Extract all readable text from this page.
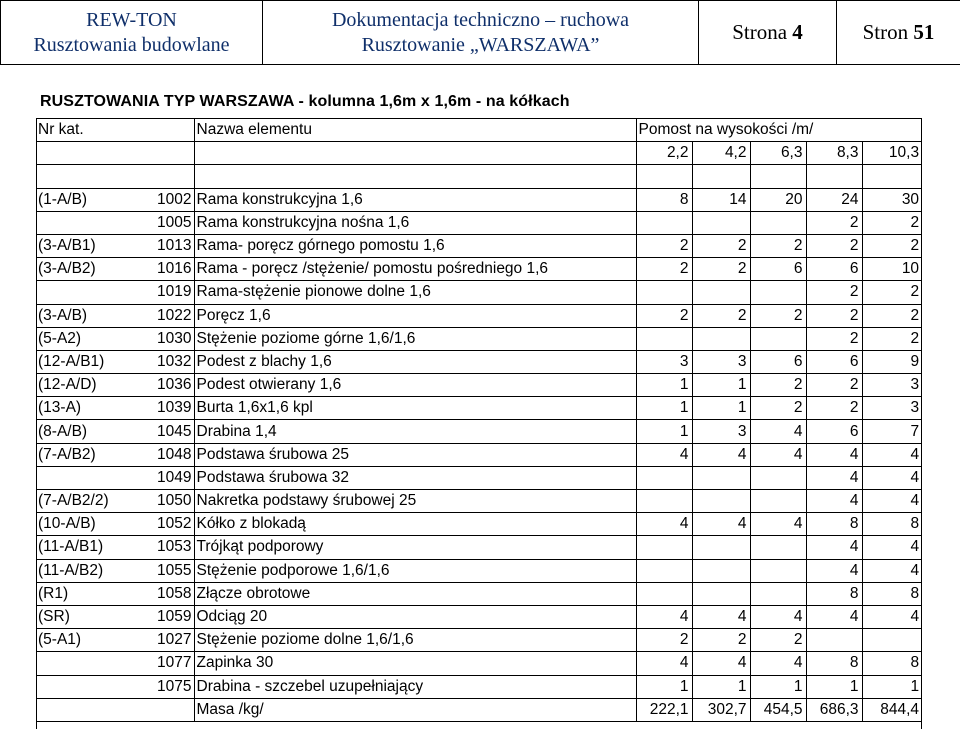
REW-TON
Rusztowania budowlane

Dokumentacja techniczno – ruchowa
Rusztowanie „WARSZAWA”
	Strona 4	Stron 51
RUSZTOWANIA TYP WARSZAWA - kolumna 1,6m x 1,6m - na kółkach
Nr kat.		Nazwa elementu	Pomost na wysokości /m/				
			2,2	4,2	6,3	8,3	10,3

(1-A/B)	1002	Rama konstrukcyjna 1,6	8	14	20	24	30
	1005	Rama konstrukcyjna nośna 1,6				2	2
(3-A/B1)	1013	Rama- poręcz górnego pomostu 1,6	2	2	2	2	2
(3-A/B2)	1016	Rama - poręcz /stężenie/ pomostu pośredniego 1,6	2	2	6	6	10
	1019	Rama-stężenie pionowe dolne 1,6				2	2
(3-A/B)	1022	Poręcz 1,6	2	2	2	2	2
(5-A2)	1030	Stężenie poziome górne 1,6/1,6				2	2
(12-A/B1)	1032	Podest z blachy 1,6	3	3	6	6	9
(12-A/D)	1036	Podest otwierany 1,6	1	1	2	2	3
(13-A)	1039	Burta 1,6x1,6 kpl	1	1	2	2	3
(8-A/B)	1045	Drabina 1,4	1	3	4	6	7
(7-A/B2)	1048	Podstawa śrubowa 25	4	4	4	4	4
	1049	Podstawa śrubowa 32				4	4
(7-A/B2/2)	1050	Nakretka podstawy śrubowej 25				4	4
(10-A/B)	1052	Kółko z blokadą	4	4	4	8	8
(11-A/B1)	1053	Trójkąt podporowy				4	4
(11-A/B2)	1055	Stężenie podporowe 1,6/1,6				4	4
(R1)	1058	Złącze obrotowe				8	8
(SR)	1059	Odciąg 20	4	4	4	4	4
(5-A1)	1027	Stężenie poziome dolne 1,6/1,6	2	2	2		
	1077	Zapinka 30	4	4	4	8	8
	1075	Drabina - szczebel uzupełniający	1	1	1	1	1
		Masa /kg/	222,1	302,7	454,5	686,3	844,4
